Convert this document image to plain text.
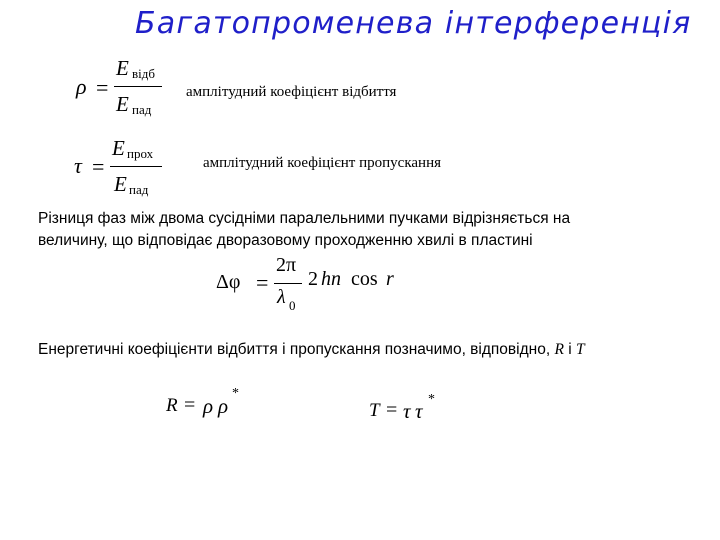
Багатопроменева інтерференція
ρ =
E відб
E пад
амплітудний коефіцієнт відбиття
τ =
E прох
E пад
амплітудний коефіцієнт пропускання
Різниця фаз між двома сусідніми паралельними пучками відрізняється на величину, що відповідає дворазовому проходженню хвилі в пластині
Δφ =
2π
λ 0
2 hn cos r
Енергетичні коефіцієнти відбиття і пропускання позначимо, відповідно, R і T
R = ρ ρ
*
T = τ τ *
